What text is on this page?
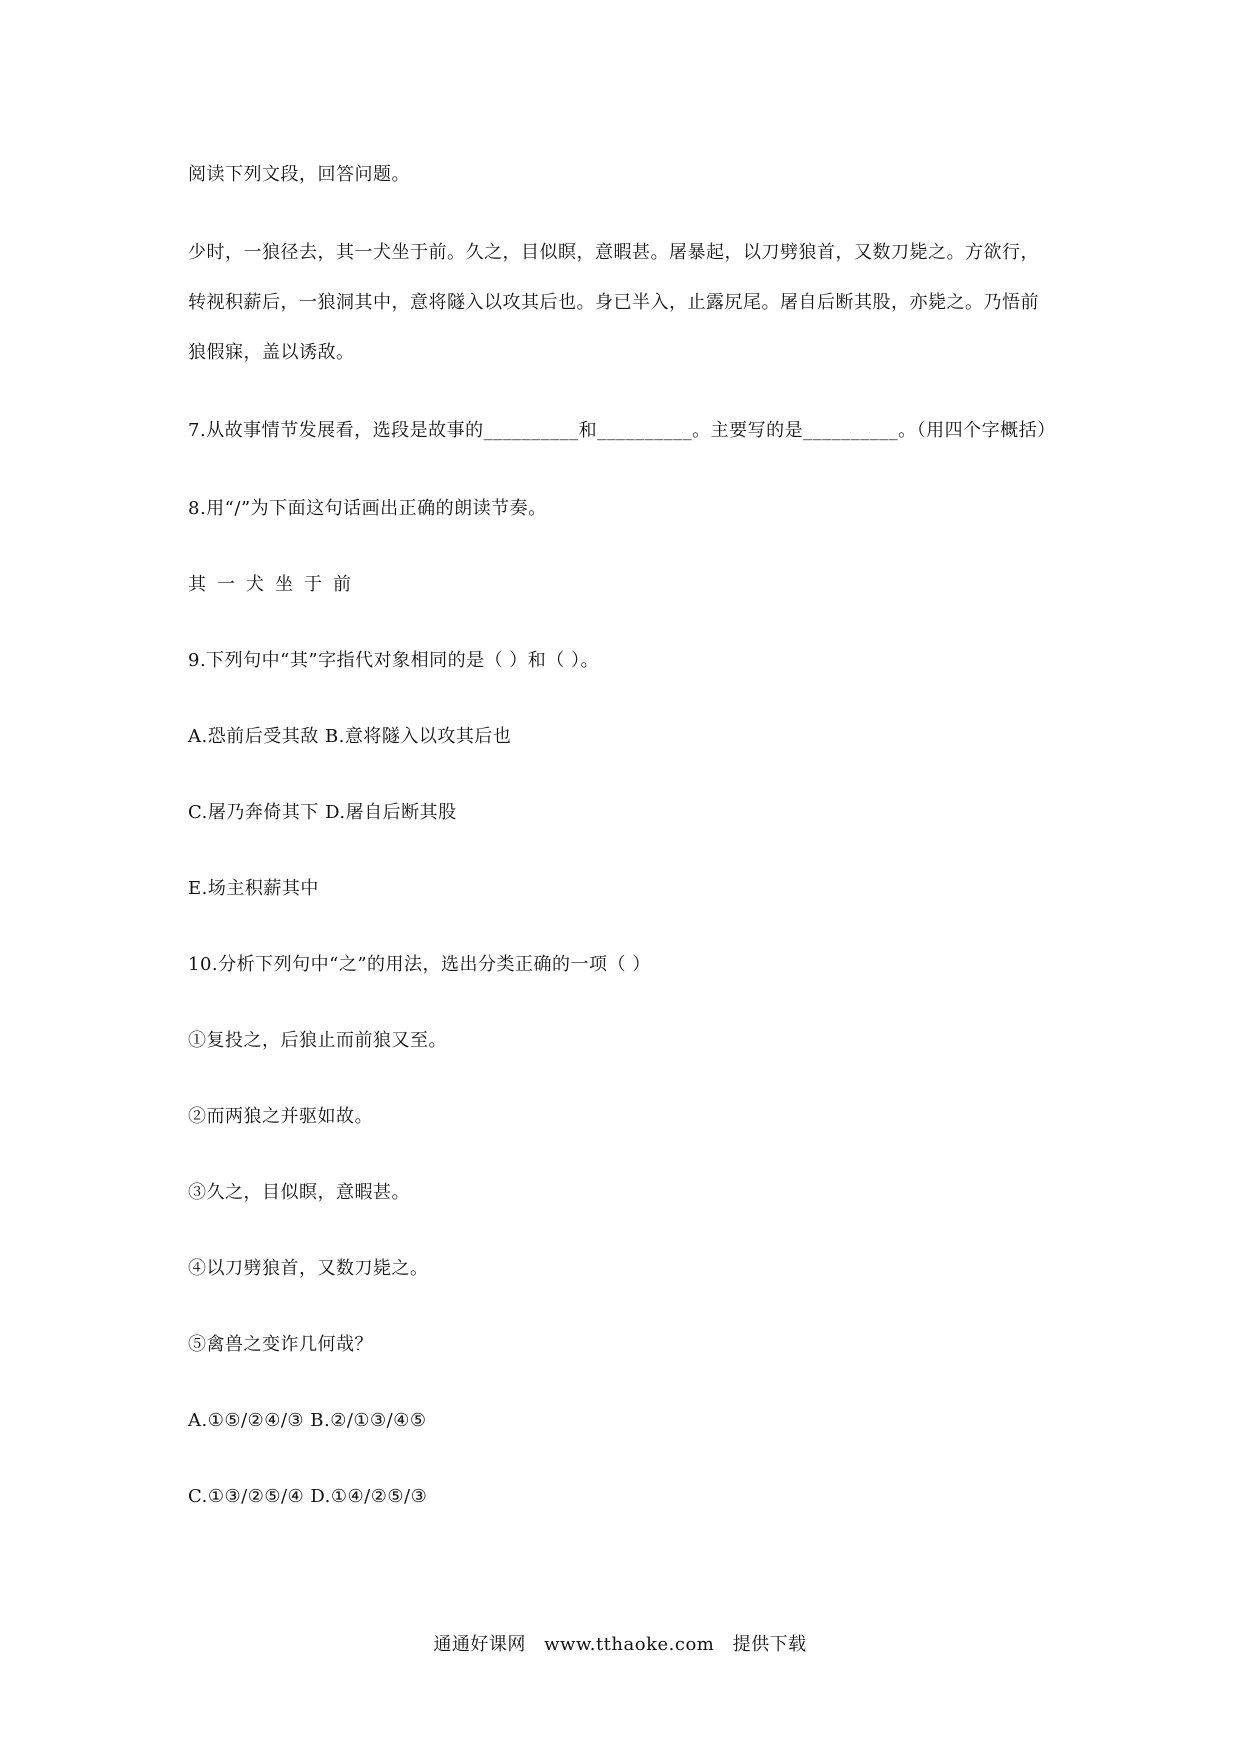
阅读下列文段，回答问题。

少时，一狼径去，其一犬坐于前。久之，目似瞑，意暇甚。屠暴起，以刀劈狼首，又数刀毙之。方欲行，转视积薪后，一狼洞其中，意将隧入以攻其后也。身已半入，止露尻尾。屠自后断其股，亦毙之。乃悟前狼假寐，盖以诱敌。

7.从故事情节发展看，选段是故事的__________和__________。主要写的是__________。（用四个字概括）

8.用“/”为下面这句话画出正确的朗读节奏。

其一犬坐于前

9.下列句中“其”字指代对象相同的是（ ）和（ ）。

A.恐前后受其敌 B.意将隧入以攻其后也

C.屠乃奔倚其下 D.屠自后断其股

E.场主积薪其中

10.分析下列句中“之”的用法，选出分类正确的一项（ ）

①复投之，后狼止而前狼又至。

②而两狼之并驱如故。

③久之，目似瞑，意暇甚。

④以刀劈狼首，又数刀毙之。

⑤禽兽之变诈几何哉？

A.①⑤/②④/③ B.②/①③/④⑤

C.①③/②⑤/④ D.①④/②⑤/③

通通好课网 www.tthaoke.com 提供下载
